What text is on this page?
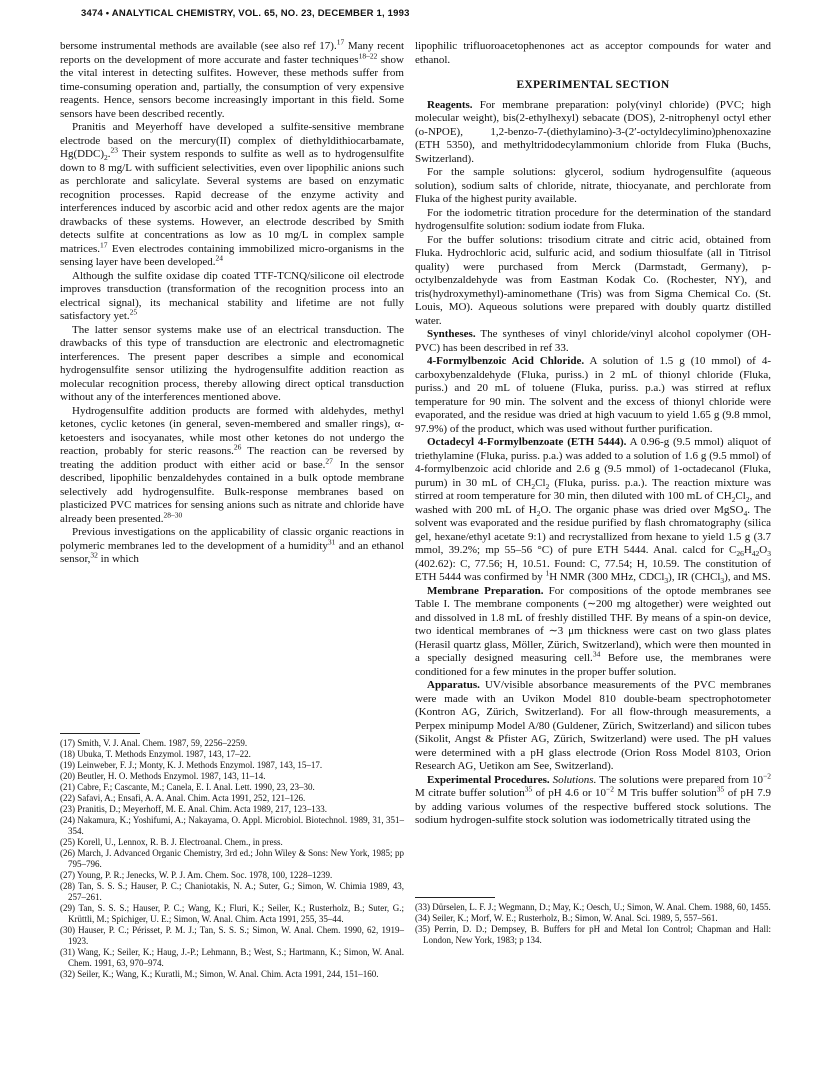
3474 • ANALYTICAL CHEMISTRY, VOL. 65, NO. 23, DECEMBER 1, 1993

bersome instrumental methods are available (see also ref 17).$^{17}$ Many recent reports on the development of more accurate and faster techniques$^{18-22}$ show the vital interest in detecting sulfites. However, these methods suffer from time-consuming operation and, partially, the consumption of very expensive reagents. Hence, sensors become increasingly important in this field. Some sensors have been described recently.

Pranitis and Meyerhoff have developed a sulfite-sensitive membrane electrode based on the mercury(II) complex of diethyldithiocarbamate, $Hg(DDC)_2.^{23}$ Their system responds to sulfite as well as to hydrogensulfite down to 8 mg/L with sufficient selectivities, even over lipophilic anions such as perchlorate and salicylate. Several systems are based on enzymatic recognition processes. Rapid decrease of the enzyme activity and interferences induced by ascorbic acid and other redox agents are the major drawbacks of these systems. However, an electrode described by Smith detects sulfite at concentrations as low as 10 mg/L in complex sample matrices.$^{17}$ Even electrodes containing immobilized micro-organisms in the sensing layer have been developed.$^{24}$

Although the sulfite oxidase dip coated TTF-TCNQ/silicone oil electrode improves transduction (transformation of the recognition process into an electrical signal), its mechanical stability and lifetime are not fully satisfactory yet.$^{25}$

The latter sensor systems make use of an electrical transduction. The drawbacks of this type of transduction are electronic and electromagnetic interferences. The present paper describes a simple and economical hydrogensulfite sensor utilizing the hydrogensulfite addition reaction as molecular recognition process, thereby allowing direct optical transduction without any of the interferences mentioned above.

Hydrogensulfite addition products are formed with aldehydes, methyl ketones, cyclic ketones (in general, seven-membered and smaller rings), α-ketoesters and isocyanates, while most other ketones do not undergo the reaction, probably for steric reasons.$^{26}$ The reaction can be reversed by treating the addition product with either acid or base.$^{27}$ In the sensor described, lipophilic benzaldehydes contained in a bulk optode membrane selectively add hydrogensulfite. Bulk-response membranes based on plasticized PVC matrices for sensing anions such as nitrate and chloride have already been presented.$^{28-30}$

Previous investigations on the applicability of classic organic reactions in polymeric membranes led to the development of a humidity$^{31}$ and an ethanol sensor,$^{32}$ in which

(17) Smith, V. J. Anal. Chem. 1987, 59, 2256–2259.
(18) Ubuka, T. Methods Enzymol. 1987, 143, 17–22.
(19) Leinweber, F. J.; Monty, K. J. Methods Enzymol. 1987, 143, 15–17.
(20) Beutler, H. O. Methods Enzymol. 1987, 143, 11–14.
(21) Cabre, F.; Cascante, M.; Canela, E. I. Anal. Lett. 1990, 23, 23–30.
(22) Safavi, A.; Ensafi, A. A. Anal. Chim. Acta 1991, 252, 121–126.
(23) Pranitis, D.; Meyerhoff, M. E. Anal. Chim. Acta 1989, 217, 123–133.
(24) Nakamura, K.; Yoshifumi, A.; Nakayama, O. Appl. Microbiol. Biotechnol. 1989, 31, 351–354.
(25) Korell, U., Lennox, R. B. J. Electroanal. Chem., in press.
(26) March, J. Advanced Organic Chemistry, 3rd ed.; John Wiley & Sons: New York, 1985; pp 795–796.
(27) Young, P. R.; Jenecks, W. P. J. Am. Chem. Soc. 1978, 100, 1228–1239.
(28) Tan, S. S. S.; Hauser, P. C.; Chaniotakis, N. A.; Suter, G.; Simon, W. Chimia 1989, 43, 257–261.
(29) Tan, S. S. S.; Hauser, P. C.; Wang, K.; Fluri, K.; Seiler, K.; Rusterholz, B.; Suter, G.; Krüttli, M.; Spichiger, U. E.; Simon, W. Anal. Chim. Acta 1991, 255, 35–44.
(30) Hauser, P. C.; Périsset, P. M. J.; Tan, S. S. S.; Simon, W. Anal. Chem. 1990, 62, 1919–1923.
(31) Wang, K.; Seiler, K.; Haug, J.-P.; Lehmann, B.; West, S.; Hartmann, K.; Simon, W. Anal. Chem. 1991, 63, 970–974.
(32) Seiler, K.; Wang, K.; Kuratli, M.; Simon, W. Anal. Chim. Acta 1991, 244, 151–160.

lipophilic trifluoroacetophenones act as acceptor compounds for water and ethanol.

EXPERIMENTAL SECTION

Reagents. For membrane preparation: poly(vinyl chloride) (PVC; high molecular weight), bis(2-ethylhexyl) sebacate (DOS), 2-nitrophenyl octyl ether (o-NPOE), 1,2-benzo-7-(diethylamino)-3-(2′-octyldecylimino)phenoxazine (ETH 5350), and methyltridodecylammonium chloride from Fluka (Buchs, Switzerland).

For the sample solutions: glycerol, sodium hydrogensulfite (aqueous solution), sodium salts of chloride, nitrate, thiocyanate, and perchlorate from Fluka of the highest purity available.

For the iodometric titration procedure for the determination of the standard hydrogensulfite solution: sodium iodate from Fluka.

For the buffer solutions: trisodium citrate and citric acid, obtained from Fluka. Hydrochloric acid, sulfuric acid, and sodium thiosulfate (all in Titrisol quality) were purchased from Merck (Darmstadt, Germany), p-octylbenzaldehyde was from Eastman Kodak Co. (Rochester, NY), and tris(hydroxymethyl)-aminomethane (Tris) was from Sigma Chemical Co. (St. Louis, MO). Aqueous solutions were prepared with doubly quartz distilled water.

Syntheses. The syntheses of vinyl chloride/vinyl alcohol copolymer (OH-PVC) has been described in ref 33.

4-Formylbenzoic Acid Chloride. A solution of 1.5 g (10 mmol) of 4-carboxybenzaldehyde (Fluka, puriss.) in 2 mL of thionyl chloride (Fluka, puriss.) and 20 mL of toluene (Fluka, puriss. p.a.) was stirred at reflux temperature for 90 min. The solvent and the excess of thionyl chloride were evaporated, and the residue was dried at high vacuum to yield 1.65 g (9.8 mmol, 97.9%) of the product, which was used without further purification.

Octadecyl 4-Formylbenzoate (ETH 5444). A 0.96-g (9.5 mmol) aliquot of triethylamine (Fluka, puriss. p.a.) was added to a solution of 1.6 g (9.5 mmol) of 4-formylbenzoic acid chloride and 2.6 g (9.5 mmol) of 1-octadecanol (Fluka, purum) in 30 mL of $CH_2Cl_2$ (Fluka, puriss. p.a.). The reaction mixture was stirred at room temperature for 30 min, then diluted with 100 mL of $CH_2Cl_2$, and washed with 200 mL of $H_2O$. The organic phase was dried over MgSO$_4$. The solvent was evaporated and the residue purified by flash chromatography (silica gel, hexane/ethyl acetate 9:1) and recrystallized from hexane to yield 1.5 g (3.7 mmol, 39.2%; mp 55–56 °C) of pure ETH 5444. Anal. calcd for $C_{26}H_{42}O_3$ (402.62): C, 77.56; H, 10.51. Found: C, 77.54; H, 10.59. The constitution of ETH 5444 was confirmed by $^1$H NMR (300 MHz, CDCl$_3$), IR (CHCl$_3$), and MS.

Membrane Preparation. For compositions of the optode membranes see Table I. The membrane components (∼200 mg altogether) were weighted out and dissolved in 1.8 mL of freshly distilled THF. By means of a spin-on device, two identical membranes of ∼3 μm thickness were cast on two glass plates (Herasil quartz glass, Möller, Zürich, Switzerland), which were then mounted in a specially designed measuring cell.$^{34}$ Before use, the membranes were conditioned for a few minutes in the proper buffer solution.

Apparatus. UV/visible absorbance measurements of the PVC membranes were made with an Uvikon Model 810 double-beam spectrophotometer (Kontron AG, Zürich, Switzerland). For all flow-through measurements, a Perpex minipump Model A/80 (Guldener, Zürich, Switzerland) and silicon tubes (Sikolit, Angst & Pfister AG, Zürich, Switzerland) were used. The pH values were determined with a pH glass electrode (Orion Ross Model 8103, Orion Research AG, Uetikon am See, Switzerland).

Experimental Procedures. Solutions. The solutions were prepared from $10^{-2}$ M citrate buffer solution$^{35}$ of pH 4.6 or $10^{-2}$ M Tris buffer solution$^{35}$ of pH 7.9 by adding various volumes of the respective buffered stock solutions. The sodium hydrogen-sulfite stock solution was iodometrically titrated using the

(33) Dürselen, L. F. J.; Wegmann, D.; May, K.; Oesch, U.; Simon, W. Anal. Chem. 1988, 60, 1455.
(34) Seiler, K.; Morf, W. E.; Rusterholz, B.; Simon, W. Anal. Sci. 1989, 5, 557–561.
(35) Perrin, D. D.; Dempsey, B. Buffers for pH and Metal Ion Control; Chapman and Hall: London, New York, 1983; p 134.
